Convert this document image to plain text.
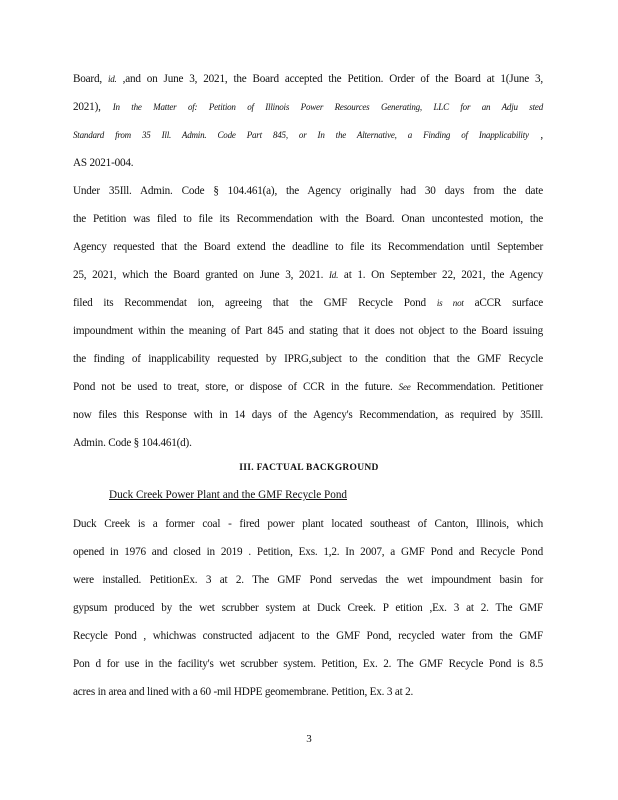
Board, id. ,and on June 3, 2021, the Board accepted the Petition. Order of the Board at 1(June 3,
2021), In the Matter of: Petition of Illinois Power Resources Generating, LLC for an Adju sted
Standard from 35 Ill. Admin. Code Part 845, or In the Alternative, a Finding of Inapplicability ,
AS 2021-004.
Under 35Ill. Admin. Code § 104.461(a), the Agency originally had 30 days from the date
the Petition was filed to file its Recommendation with the Board. Onan uncontested motion, the
Agency requested that the Board extend the deadline to file its Recommendation until September
25, 2021, which the Board granted on June 3, 2021. Id. at 1. On September 22, 2021, the Agency
filed its Recommendat ion, agreeing that the GMF Recycle Pond is not aCCR surface
impoundment within the meaning of Part 845 and stating that it does not object to the Board issuing
the finding of inapplicability requested by IPRG,subject to the condition that the GMF Recycle
Pond not be used to treat, store, or dispose of CCR in the future. See Recommendation. Petitioner
now files this Response with in 14 days of the Agency's Recommendation, as required by 35Ill.
Admin. Code § 104.461(d).
III. FACTUAL BACKGROUND
Duck Creek Power Plant and the GMF Recycle Pond
Duck Creek is a former coal - fired power plant located southeast of Canton, Illinois, which
opened in 1976 and closed in 2019 . Petition, Exs. 1,2. In 2007, a GMF Pond and Recycle Pond
were installed. PetitionEx. 3 at 2. The GMF Pond servedas the wet impoundment basin for
gypsum produced by the wet scrubber system at Duck Creek. P etition ,Ex. 3 at 2. The GMF
Recycle Pond , whichwas constructed adjacent to the GMF Pond, recycled water from the GMF
Pon d for use in the facility's wet scrubber system. Petition, Ex. 2. The GMF Recycle Pond is 8.5
acres in area and lined with a 60 -mil HDPE geomembrane. Petition, Ex. 3 at 2.
3
